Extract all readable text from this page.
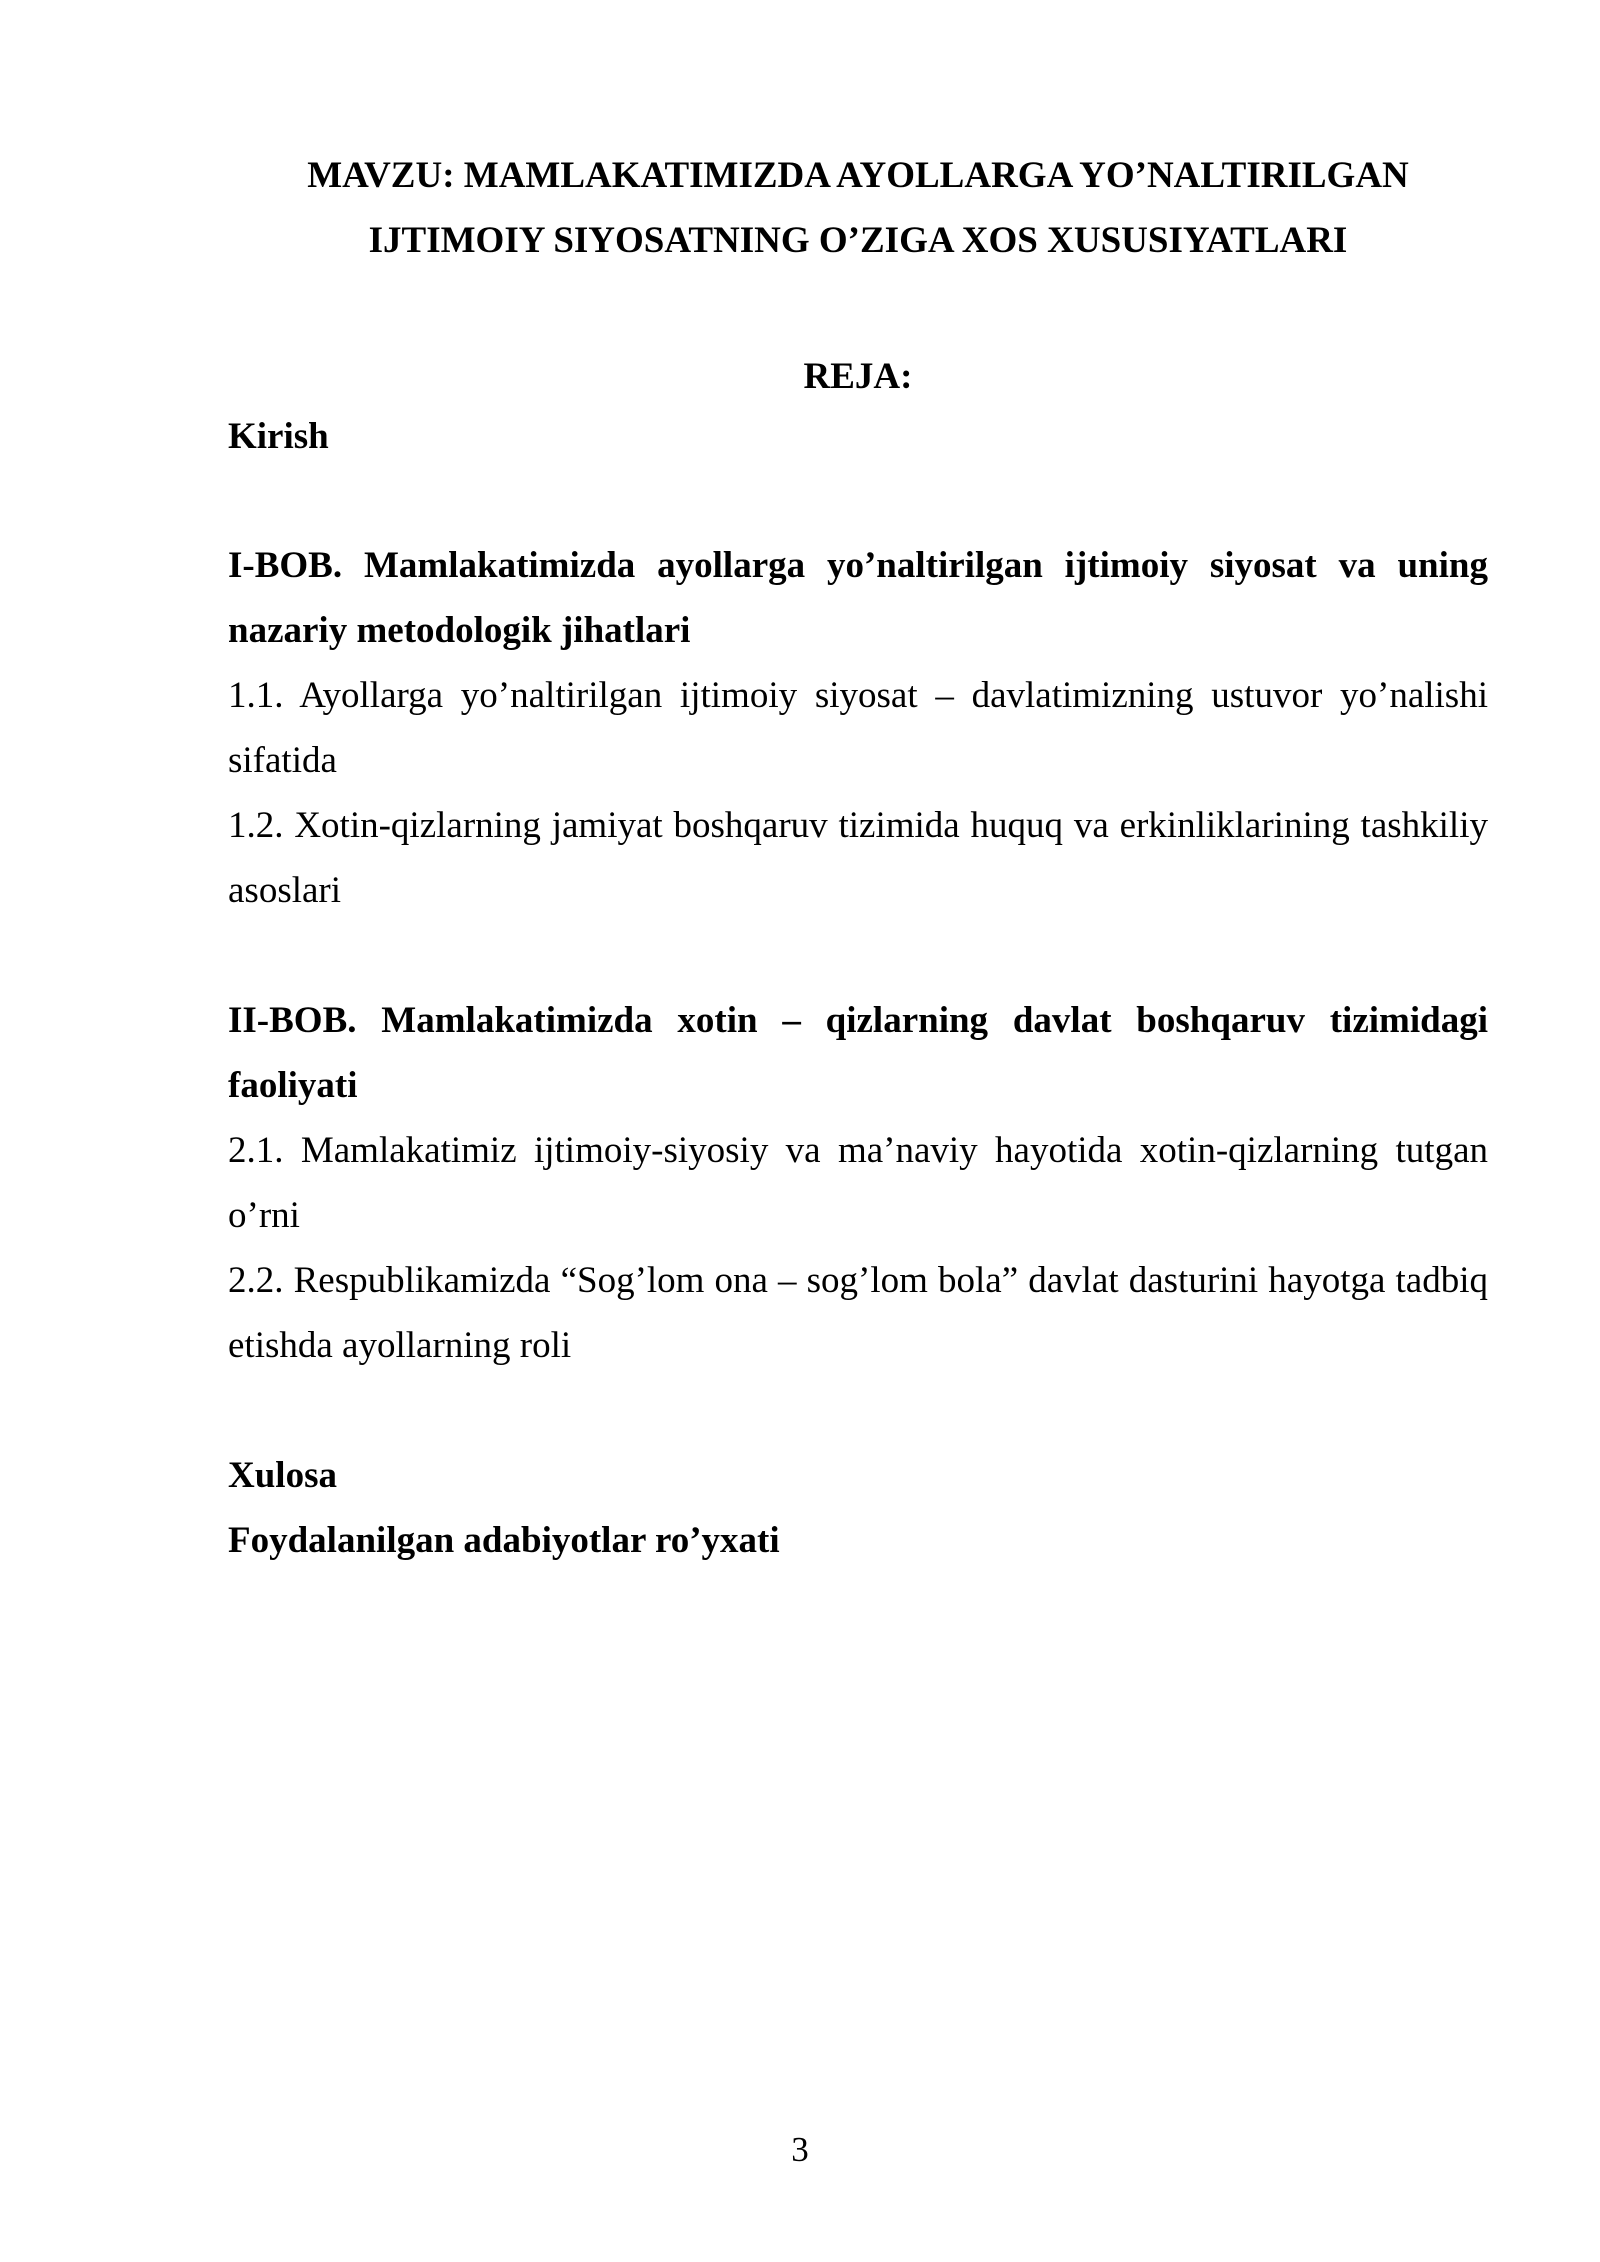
MAVZU: MAMLAKATIMIZDA AYOLLARGA YO’NALTIRILGAN
IJTIMOIY SIYOSATNING O’ZIGA XOS XUSUSIYATLARI

REJA:

Kirish

I-BOB. Mamlakatimizda ayollarga yo’naltirilgan ijtimoiy siyosat va uning nazariy metodologik jihatlari

1.1. Ayollarga yo’naltirilgan ijtimoiy siyosat – davlatimizning ustuvor yo’nalishi sifatida

1.2. Xotin-qizlarning jamiyat boshqaruv tizimida huquq va erkinliklarining tashkiliy asoslari

II-BOB. Mamlakatimizda xotin – qizlarning davlat boshqaruv tizimidagi faoliyati

2.1. Mamlakatimiz ijtimoiy-siyosiy va ma’naviy hayotida xotin-qizlarning tutgan o’rni

2.2. Respublikamizda “Sog’lom ona – sog’lom bola” davlat dasturini hayotga tadbiq etishda ayollarning roli

Xulosa

Foydalanilgan adabiyotlar ro’yxati

3
